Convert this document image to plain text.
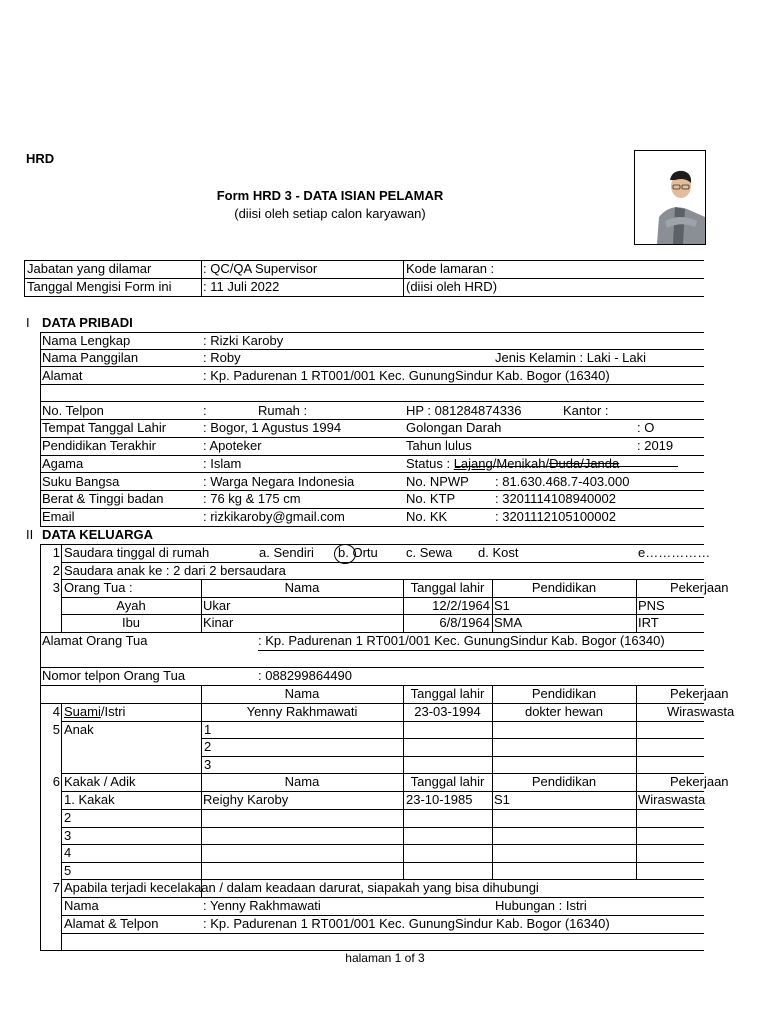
HRD
Form HRD 3 - DATA ISIAN PELAMAR
(diisi oleh setiap calon karyawan)
Jabatan yang dilamar	: QC/QA Supervisor	Kode lamaran :
Tanggal Mengisi Form ini : 11 Juli 2022	(diisi oleh HRD)
I DATA PRIBADI
Nama Lengkap	: Rizki Karoby
Nama Panggilan	: Roby	Jenis Kelamin : Laki - Laki
Alamat	: Kp. Padurenan 1 RT001/001 Kec. GunungSindur Kab. Bogor (16340)
No. Telpon	:	Rumah :	HP : 081284874336	Kantor :
Tempat Tanggal Lahir	: Bogor, 1 Agustus 1994	Golongan Darah	: O
Pendidikan Terakhir	: Apoteker	Tahun lulus	: 2019
Agama	: Islam	Status : Lajang/Menikah/Duda/Janda
Suku Bangsa	: Warga Negara Indonesia	No. NPWP : 81.630.468.7-403.000
Berat & Tinggi badan	: 76 kg & 175 cm	No. KTP	: 3201114108940002
Email	: rizkikaroby@gmail.com	No. KK	: 3201112105100002
II DATA KELUARGA
1 Saudara tinggal di rumah	a. Sendiri b. Ortu c. Sewa d. Kost	e……………
2 Saudara anak ke : 2 dari 2 bersaudara
3 Orang Tua :	Nama	Tanggal lahir	Pendidikan	Pekerjaan
Ayah	Ukar	12/2/1964 S1	PNS
Ibu	Kinar	6/8/1964 SMA	IRT
Alamat Orang Tua	: Kp. Padurenan 1 RT001/001 Kec. GunungSindur Kab. Bogor (16340)
Nomor telpon Orang Tua	: 088299864490
Nama	Tanggal lahir	Pendidikan	Pekerjaan
4 Suami/Istri	Yenny Rakhmawati	23-03-1994	dokter hewan	Wiraswasta
5 Anak	1
2
3
6 Kakak / Adik	Nama	Tanggal lahir	Pendidikan	Pekerjaan
1. Kakak	Reighy Karoby	23-10-1985 S1	Wiraswasta
2
3
4
5
7 Apabila terjadi kecelakaan / dalam keadaan darurat, siapakah yang bisa dihubungi
Nama	: Yenny Rakhmawati	Hubungan : Istri
Alamat & Telpon	: Kp. Padurenan 1 RT001/001 Kec. GunungSindur Kab. Bogor (16340)
halaman 1 of 3
